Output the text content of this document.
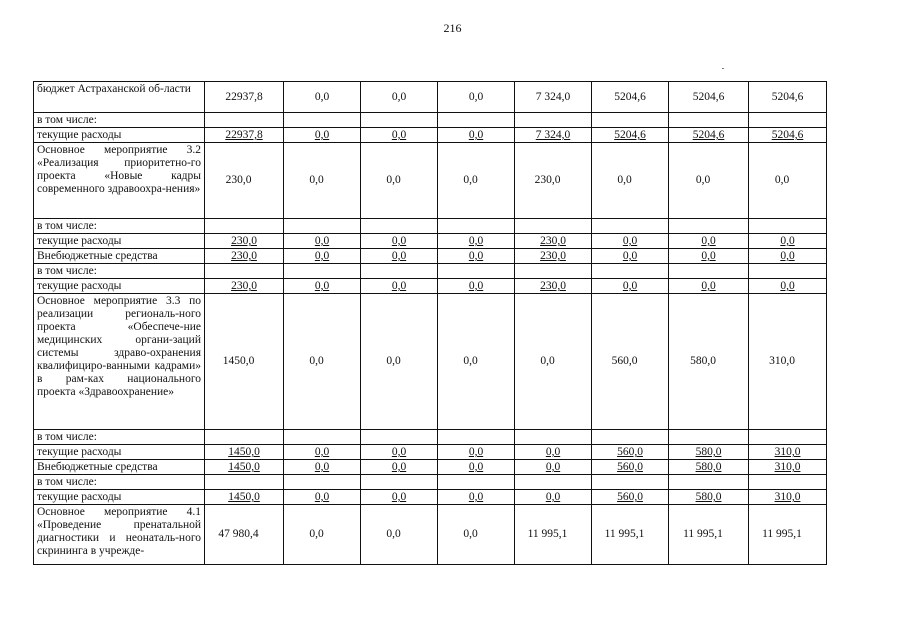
216
бюджет Астраханской об-ласти	22937,8	0,0	0,0	0,0	7 324,0	5204,6	5204,6	5204,6
в том числе:								
текущие расходы	22937,8	0,0	0,0	0,0	7 324,0	5204,6	5204,6	5204,6
Основное мероприятие 3.2 «Реализация приоритетно-го проекта «Новые кадры современного здравоохра-нения»	230,0	0,0	0,0	0,0	230,0	0,0	0,0	0,0
в том числе:								
текущие расходы	230,0	0,0	0,0	0,0	230,0	0,0	0,0	0,0
Внебюджетные средства	230,0	0,0	0,0	0,0	230,0	0,0	0,0	0,0
в том числе:								
текущие расходы	230,0	0,0	0,0	0,0	230,0	0,0	0,0	0,0
Основное мероприятие 3.3 по реализации региональ-ного проекта «Обеспече-ние медицинских органи-заций системы здраво-охранения квалифициро-ванными кадрами» в рам-ках национального проекта «Здравоохранение»	1450,0	0,0	0,0	0,0	0,0	560,0	580,0	310,0
в том числе:								
текущие расходы	1450,0	0,0	0,0	0,0	0,0	560,0	580,0	310,0
Внебюджетные средства	1450,0	0,0	0,0	0,0	0,0	560,0	580,0	310,0
в том числе:								
текущие расходы	1450,0	0,0	0,0	0,0	0,0	560,0	580,0	310,0
Основное мероприятие 4.1 «Проведение пренатальной диагностики и неонаталь-ного скрининга в учрежде-	47 980,4	0,0	0,0	0,0	11 995,1	11 995,1	11 995,1	11 995,1
